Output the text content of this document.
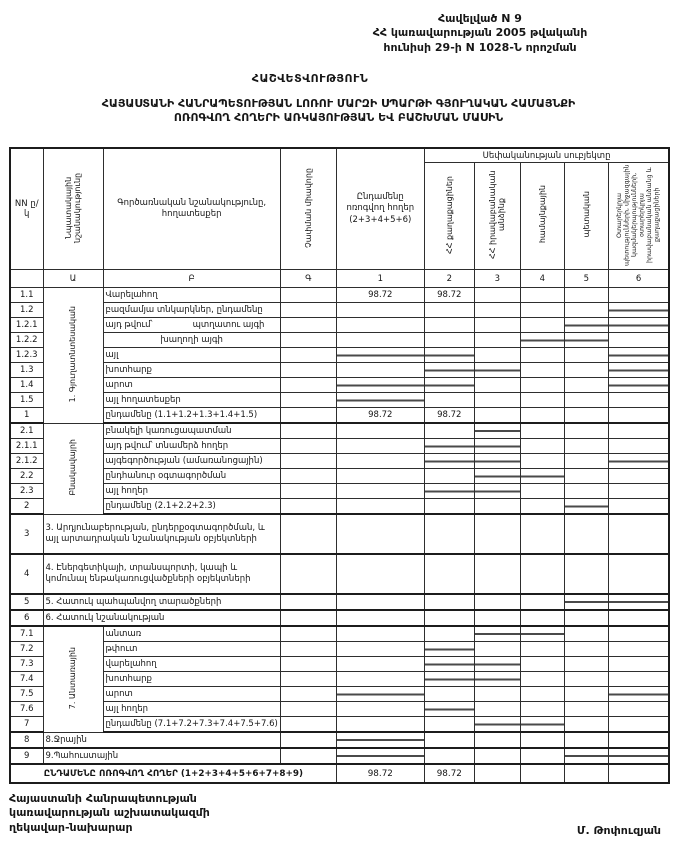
Հավելված N 9
ՀՀ կառավարության 2005 թվականի
հունիսի 29-ի N 1028-Ն որոշման
ՀԱՇՎԵՏՎՈՒԹՅՈՒՆ
ՀԱՅԱՍՏԱՆԻ ՀԱՆՐԱՊԵՏՈՒԹՅԱՆ ԼՈՌՈՒ ՄԱՐԶԻ ՍՊԱՐԹԻ ԳՅՈՒՂԱԿԱՆ ՀԱՄԱՅՆՔԻ
ՈՌՈԳՎՈՂ ՀՈՂԵՐԻ ԱՌԿԱՅՈՒԹՅԱՆ ԵՎ ԲԱՇԽՄԱՆ ՄԱՍԻՆ
NN ը/կ	Նպատակային նշանակությունը	Գործառնական նշանակությունը, հողատեսքեր	Չափման միավորը	Ընդամենը ոռոգվող հողեր (2+3+4+5+6)	Սեփականության սուբյեկտը				
					ՀՀ քաղաքացիներ	ՀՀ իրավաբանական անձինք	համայնքային	պետական	Օտարերկրյա պետությունների, միջազգային կազմակերպությունների, օտարերկրյա իրավաբանական անձանց և քաղաքացիների
	Ա	Բ	Գ	1	2	3	4	5	6
1.1	1. Գյուղատնտեսական	Վարելահող		98.72	98.72				
1.2		բազմամյա տնկարկներ, ընդամենը							
1.2.1		այդ թվում՝ պտղատու այգի							
1.2.2		խաղողի այգի							
1.2.3		այլ							
1.3		խոտհարք							
1.4		արոտ							
1.5		այլ հողատեսքեր							
1		ընդամենը (1.1+1.2+1.3+1.4+1.5)		98.72	98.72				
2.1	Բնակավայրի	բնակելի կառուցապատման							
2.1.1		այդ թվում՝ տնամերձ հողեր							
2.1.2		այգեգործության (ամառանոցային)							
2.2		ընդհանուր օգտագործման							
2.3		այլ հողեր							
2		ընդամենը (2.1+2.2+2.3)							
3	3. Արդյունաբերության, ընդերքօգտագործման, և այլ արտադրական նշանակության օբյեկտների								
4	4. Էներգետիկայի, տրանսպորտի, կապի և կոմունալ ենթակառուցվածքների օբյեկտների								
5	5. Հատուկ պահպանվող տարածքների								
6	6. Հատուկ նշանակության								
7.1	7. Անտառային	անտառ							
7.2		թփուտ							
7.3		վարելահող							
7.4		խոտհարք							
7.5		արոտ							
7.6		այլ հողեր							
7		ընդամենը (7.1+7.2+7.3+7.4+7.5+7.6)							
8	8.Ջրային								
9	9.Պահուստային								
ԸՆԴԱՄԵՆԸ ՈՌՈԳՎՈՂ ՀՈՂԵՐ (1+2+3+4+5+6+7+8+9)				98.72	98.72				
Հայաստանի Հանրապետության
կառավարության աշխատակազմի
ղեկավար-նախարար	Մ. Թոփուզյան
